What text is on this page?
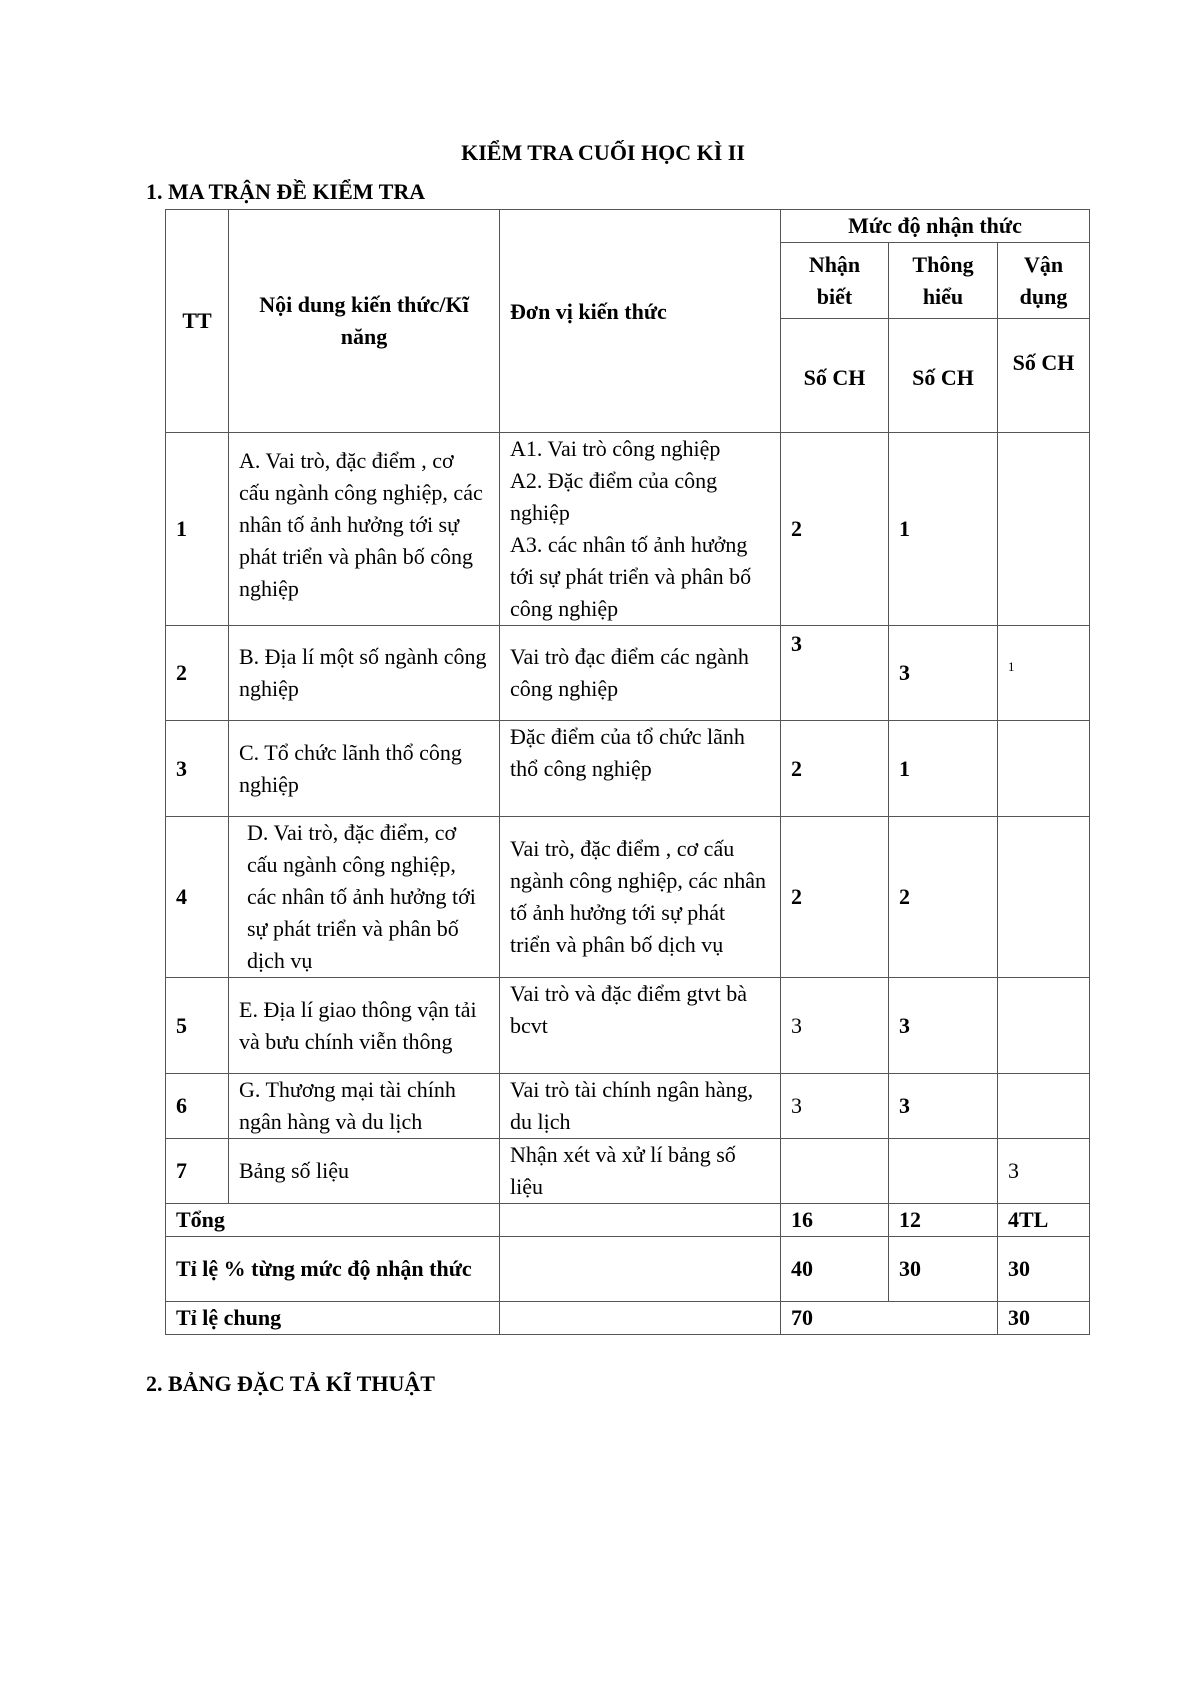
KIỂM TRA CUỐI HỌC KÌ II
1. MA TRẬN ĐỀ KIỂM TRA
TT	Nội dung kiến thức/Kĩ năng	Đơn vị kiến thức	Mức độ nhận thức		
			Nhận biết	Thông hiểu	Vận dụng
			Số CH	Số CH	Số CH
1	A. Vai trò, đặc điểm , cơ cấu ngành công nghiệp, các nhân tố ảnh hưởng tới sự phát triển và phân bố công nghiệp	A1. Vai trò công nghiệp
A2. Đặc điểm của công nghiệp
A3. các nhân tố ảnh hưởng tới sự phát triển và phân bố công nghiệp	2	1	
2	B. Địa lí một số ngành công nghiệp	Vai trò đạc điểm các ngành công nghiệp	3	3	1
3	C. Tổ chức lãnh thổ công nghiệp	Đặc điểm của tổ chức lãnh thổ công nghiệp	2	1	
4	D. Vai trò, đặc điểm, cơ cấu ngành công nghiệp, các nhân tố ảnh hưởng tới sự phát triển và phân bố dịch vụ	Vai trò, đặc điểm , cơ cấu ngành công nghiệp, các nhân tố ảnh hưởng tới sự phát triển và phân bố dịch vụ	2	2	
5	E. Địa lí giao thông vận tải và bưu chính viễn thông	Vai trò và đặc điểm gtvt bà bcvt	3	3	
6	G. Thương mại tài chính ngân hàng và du lịch	Vai trò tài chính ngân hàng, du lịch	3	3	
7	Bảng số liệu	Nhận xét và xử lí bảng số liệu			3
Tổng			16	12	4TL
Tỉ lệ % từng mức độ nhận thức			40	30	30
Tỉ lệ chung			70		30
2. BẢNG ĐẶC TẢ KĨ THUẬT
